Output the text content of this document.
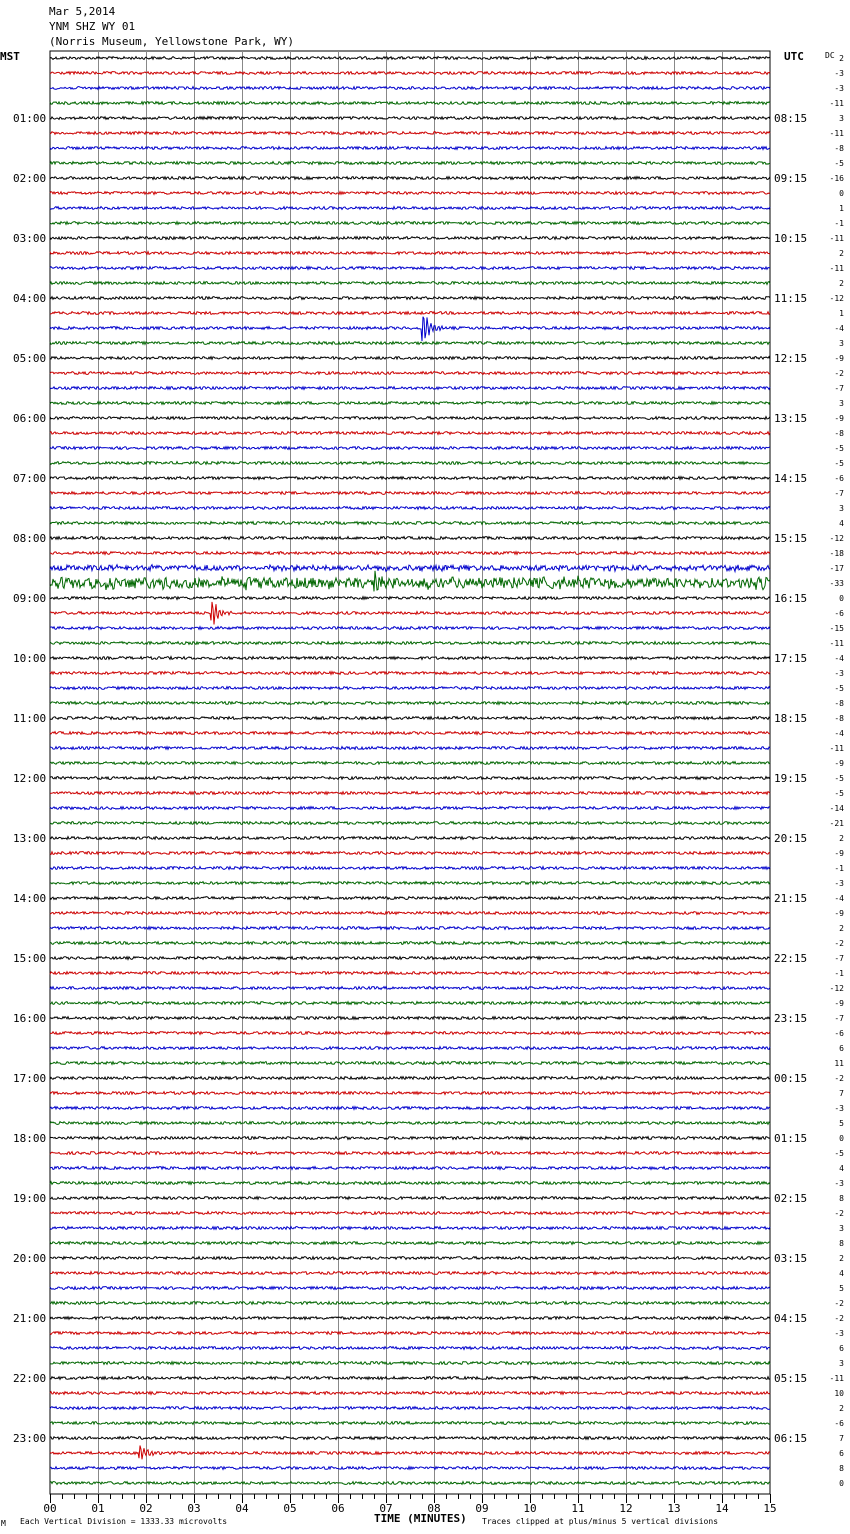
Mar 5,2014
YNM SHZ WY 01
(Norris Museum, Yellowstone Park, WY)
MST	UTC	DC
00	01	02	03	04	05	06	07	08	09	10	11	12	13	14	15
2
-3
-3
-11
3
-11
-8
-5
-16
0
1
-1
-11
2
-11
2
-12
1
-4
3
-9
-2
-7
3
-9
-8
-5
-5
-6
-7
3
4
-12
-18
-17
-33
0
-6
-15
-11
-4
-3
-5
-8
-8
-4
-11
-9
-5
-5
-14
-21
2
-9
-1
-3
-4
-9
2
-2
-7
-1
-12
-9
-7
-6
6
11
-2
7
-3
5
0
-5
4
-3
8
-2
3
8
2
4
5
-2
-2
-3
6
3
-11
10
2
-6
7
6
8
0
01:00
02:00
03:00
04:00
05:00
06:00
07:00
08:00
09:00
10:00
11:00
12:00
13:00
14:00
15:00
16:00
17:00
18:00
19:00
20:00
21:00
22:00
23:00
08:15
09:15
10:15
11:15
12:15
13:15
14:15
15:15
16:15
17:15
18:15
19:15
20:15
21:15
22:15
23:15
00:15
01:15
02:15
03:15
04:15
05:15
06:15
M Each Vertical Division = 1333.33 microvolts	TIME (MINUTES) Traces clipped at plus/minus 5 vertical divisions
